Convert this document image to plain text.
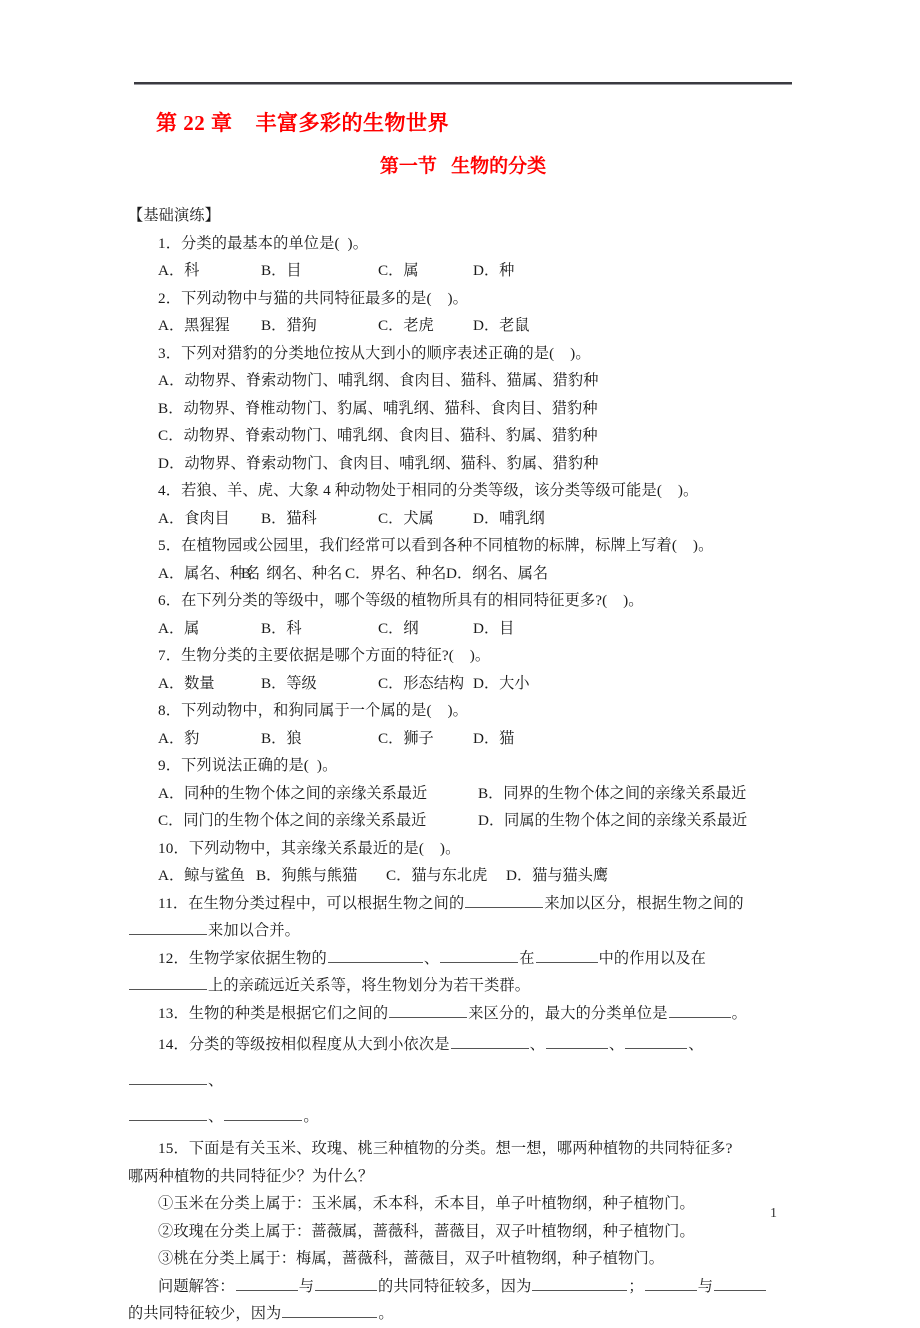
第 22 章    丰富多彩的生物世界
第一节   生物的分类
【基础演练】
1．分类的最基本的单位是(  )。
A．科	B．目	C．属	D．种
2．下列动物中与猫的共同特征最多的是(    )。
A．黑猩猩 B．猎狗	C．老虎	D．老鼠
3．下列对猎豹的分类地位按从大到小的顺序表述正确的是(    )。
A．动物界、脊索动物门、哺乳纲、食肉目、猫科、猫属、猎豹种
B．动物界、脊椎动物门、豹属、哺乳纲、猫科、食肉目、猎豹种
C．动物界、脊索动物门、哺乳纲、食肉目、猫科、豹属、猎豹种
D．动物界、脊索动物门、食肉目、哺乳纲、猫科、豹属、猎豹种
4．若狼、羊、虎、大象 4 种动物处于相同的分类等级，该分类等级可能是(    )。
A．食肉目 B．猫科	C．犬属	D．哺乳纲
5．在植物园或公园里，我们经常可以看到各种不同植物的标牌，标牌上写着(    )。
A．属名、种名
B．纲名、种名 C．界名、种名 D．纲名、属名
6．在下列分类的等级中，哪个等级的植物所具有的相同特征更多?(    )。
A．属	B．科	C．纲	D．目
7．生物分类的主要依据是哪个方面的特征?(    )。
A．数量	B．等级	C．形态结构 D．大小
8．下列动物中，和狗同属于一个属的是(    )。
A．豹	B．狼	C．狮子	D．猫
9．下列说法正确的是(  )。
A．同种的生物个体之间的亲缘关系最近	B．同界的生物个体之间的亲缘关系最近
C．同门的生物个体之间的亲缘关系最近	D．同属的生物个体之间的亲缘关系最近
10．下列动物中，其亲缘关系最近的是(    )。
A．鲸与鲨鱼 B．狗熊与熊猫 C．猫与东北虎 D．猫与猫头鹰
11．在生物分类过程中，可以根据生物之间的	来加以区分，根据生物之间的
来加以合并。
12．生物学家依据生物的	、	在	中的作用以及在
上的亲疏远近关系等，将生物划分为若干类群。
13．生物的种类是根据它们之间的	来区分的，最大的分类单位是	。
14．分类的等级按相似程度从大到小依次是	、	、	、
、
、	。
15．下面是有关玉米、玫瑰、桃三种植物的分类。想一想，哪两种植物的共同特征多?
哪两种植物的共同特征少？为什么？
①玉米在分类上属于：玉米属，禾本科，禾本目，单子叶植物纲，种子植物门。
②玫瑰在分类上属于：蔷薇属，蔷薇科，蔷薇目，双子叶植物纲，种子植物门。
③桃在分类上属于：梅属，蔷薇科，蔷薇目，双子叶植物纲，种子植物门。
问题解答：	与	的共同特征较多，因为	；	与
的共同特征较少，因为	。
1
